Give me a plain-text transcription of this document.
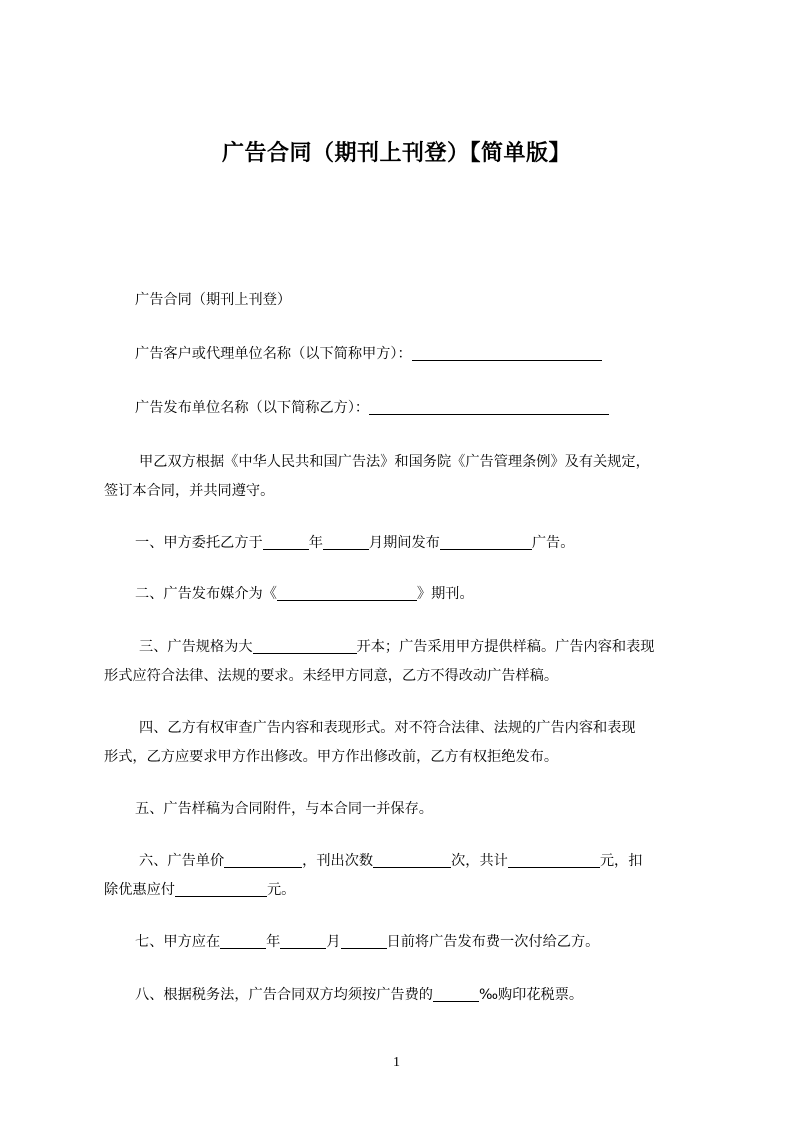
广告合同（期刊上刊登）【简单版】
广告合同（期刊上刊登）
广告客户或代理单位名称（以下简称甲方）：
广告发布单位名称（以下简称乙方）：
甲乙双方根据《中华人民共和国广告法》和国务院《广告管理条例》及有关规定，
签订本合同，并共同遵守。
一、甲方委托乙方于	年	月期间发布	广告。
二、广告发布媒介为《	》期刊。
三、广告规格为大	开本；广告采用甲方提供样稿。广告内容和表现
形式应符合法律、法规的要求。未经甲方同意，乙方不得改动广告样稿。
四、乙方有权审查广告内容和表现形式。对不符合法律、法规的广告内容和表现
形式，乙方应要求甲方作出修改。甲方作出修改前，乙方有权拒绝发布。
五、广告样稿为合同附件，与本合同一并保存。
六、广告单价	，刊出次数	次，共计	元，扣
除优惠应付	元。
七、甲方应在	年	月	日前将广告发布费一次付给乙方。
八、根据税务法，广告合同双方均须按广告费的	‰购印花税票。
1
